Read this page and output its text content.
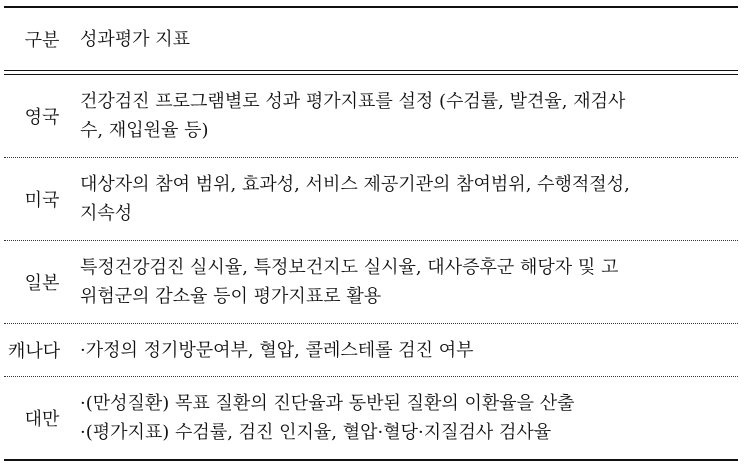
구분	성과평가 지표
영국
건강검진 프로그램별로 성과 평가지표를 설정 (수검률, 발견율, 재검사
수, 재입원율 등)
미국
대상자의 참여 범위, 효과성, 서비스 제공기관의 참여범위, 수행적절성,
지속성
일본
특정건강검진 실시율, 특정보건지도 실시율, 대사증후군 해당자 및 고
위험군의 감소율 등이 평가지표로 활용
캐나다	·가정의 정기방문여부, 혈압, 콜레스테롤 검진 여부
대만
·(만성질환) 목표 질환의 진단율과 동반된 질환의 이환율을 산출
·(평가지표) 수검률, 검진 인지율, 혈압·혈당·지질검사 검사율
